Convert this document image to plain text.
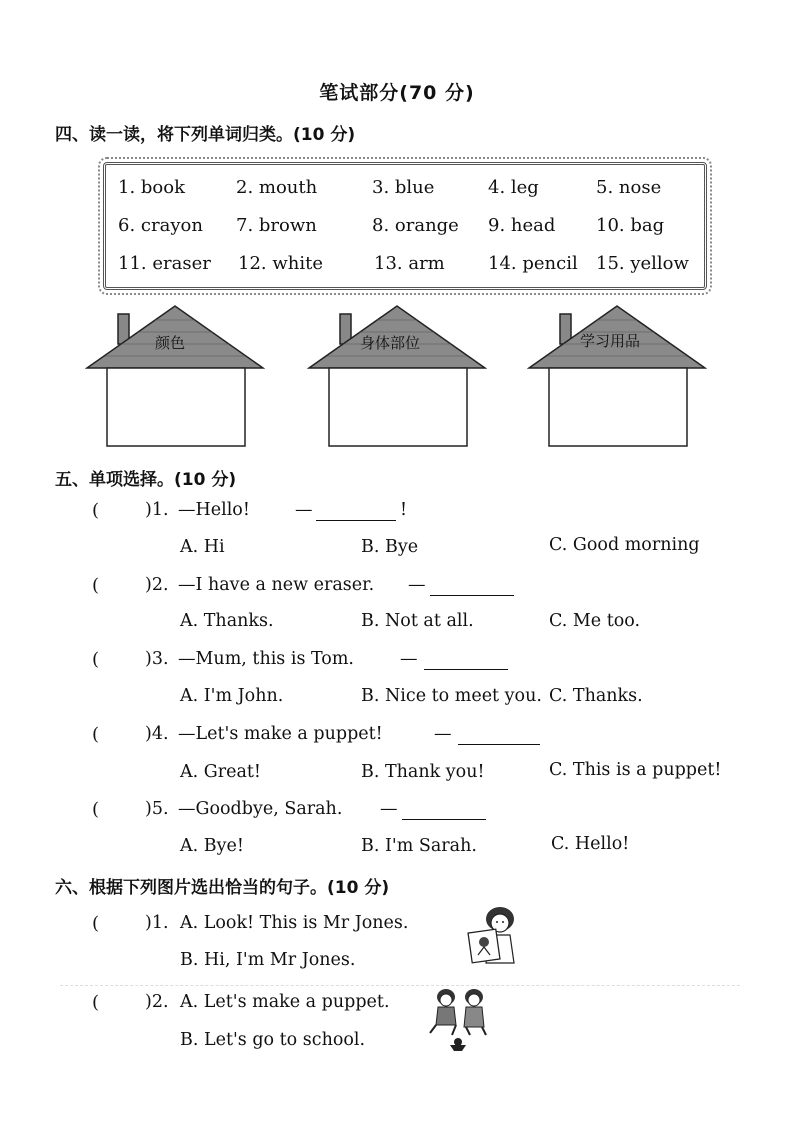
笔试部分(70 分)
四、读一读，将下列单词归类。(10 分)
1. book	2. mouth	3. blue	4. leg	5. nose
6. crayon 7. brown	8. orange 9. head 10. bag
11. eraser 12. white	13. arm 14. pencil 15. yellow
颜色	身体部位	学习用品
五、单项选择。(10 分)
(	)1. —Hello!	—	!
A. Hi	B. Bye	C. Good morning
(	)2. —I have a new eraser. —
A. Thanks.	B. Not at all.	C. Me too.
(	)3. —Mum, this is Tom.	—
A. I'm John.	B. Nice to meet you. C. Thanks.
(	)4. —Let's make a puppet!	—
A. Great!	B. Thank you!	C. This is a puppet!
(	)5. —Goodbye, Sarah. —
A. Bye!	B. I'm Sarah.	C. Hello!
六、根据下列图片选出恰当的句子。(10 分)
(	)1. A. Look! This is Mr Jones.
B. Hi, I'm Mr Jones.
(	)2. A. Let's make a puppet.
B. Let's go to school.
